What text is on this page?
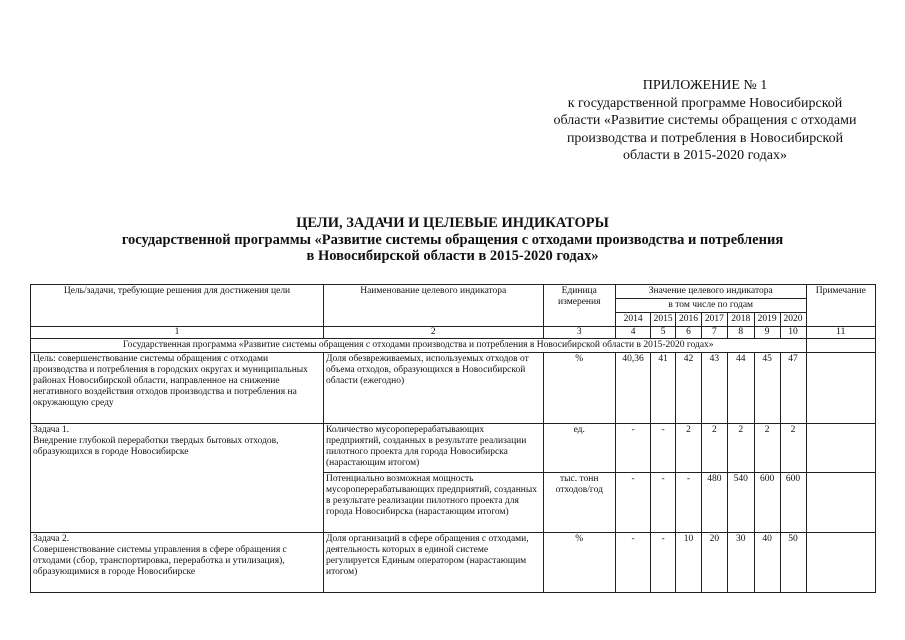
ПРИЛОЖЕНИЕ № 1
к государственной программе Новосибирской
области «Развитие системы обращения с отходами
производства и потребления в Новосибирской
области в 2015-2020 годах»
ЦЕЛИ, ЗАДАЧИ И ЦЕЛЕВЫЕ ИНДИКАТОРЫ
государственной программы «Развитие системы обращения с отходами производства и потребления
в Новосибирской области в 2015-2020 годах»
Цель/задачи, требующие решения для достижения цели	Наименование целевого индикатора	Единица измерения	Значение целевого индикатора							Примечание
			в том числе по годам							
			2014	2015	2016	2017	2018	2019	2020	
1	2	3	4	5	6	7	8	9	10	11
Государственная программа «Развитие системы обращения с отходами производства и потребления в Новосибирской области в 2015-2020 годах»										
Цель: совершенствование системы обращения с отходами производства и потребления в городских округах и муниципальных районах Новосибирской области, направленное на снижение негативного воздействия отходов производства и потребления на окружающую среду	Доля обезвреживаемых, используемых отходов от объема отходов, образующихся в Новосибирской области (ежегодно)	%	40,36	41	42	43	44	45	47	
Задача 1.
Внедрение глубокой переработки твердых бытовых отходов, образующихся в городе Новосибирске	Количество мусороперерабатывающих предприятий, созданных в результате реализации пилотного проекта для города Новосибирска (нарастающим итогом)	ед.	-	-	2	2	2	2	2	
	Потенциально возможная мощность мусороперерабатывающих предприятий, созданных в результате реализации пилотного проекта для города Новосибирска (нарастающим итогом)	тыс. тонн отходов/год	-	-	-	480	540	600	600	
Задача 2.
Совершенствование системы управления в сфере обращения с отходами (сбор, транспортировка, переработка и утилизация), образующимися в городе Новосибирске	Доля организаций в сфере обращения с отходами, деятельность которых в единой системе регулируется Единым оператором (нарастающим итогом)	%	-	-	10	20	30	40	50	
